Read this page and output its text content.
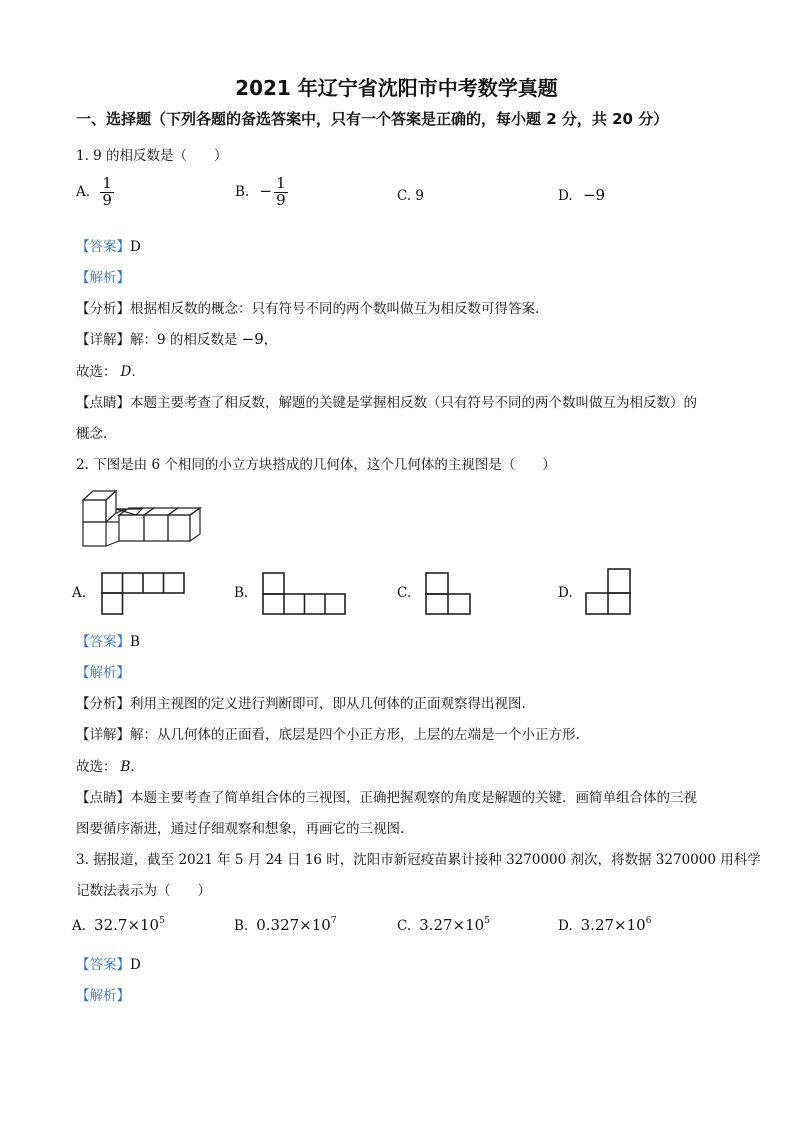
2021 年辽宁省沈阳市中考数学真题
一、选择题（下列各题的备选答案中，只有一个答案是正确的，每小题 2 分，共 20 分）
1. 9 的相反数是（　　）
A. $\frac{1}{9}$	B. − $\frac{1}{9}$	C. 9	D. −9
【答案】D
【解析】
【分析】根据相反数的概念：只有符号不同的两个数叫做互为相反数可得答案.
【详解】解：9 的相反数是 −9，
故选： D.
【点睛】本题主要考查了相反数，解题的关键是掌握相反数（只有符号不同的两个数叫做互为相反数）的
概念.
2. 下图是由 6 个相同的小立方块搭成的几何体，这个几何体的主视图是（　　）
A.	B.	C.	D.
【答案】B
【解析】
【分析】利用主视图的定义进行判断即可，即从几何体的正面观察得出视图.
【详解】解：从几何体的正面看，底层是四个小正方形，上层的左端是一个小正方形.
故选： B.
【点睛】本题主要考查了简单组合体的三视图，正确把握观察的角度是解题的关键．画简单组合体的三视
图要循序渐进，通过仔细观察和想象，再画它的三视图.
3. 据报道，截至 2021 年 5 月 24 日 16 时，沈阳市新冠疫苗累计接种 3270000 剂次，将数据 3270000 用科学
记数法表示为（　　）
A. $32.7\times 10^5$	B. $0.327\times 10^7$	C. $3.27\times 10^5$	D. $3.27\times 10^6$
【答案】D
【解析】
